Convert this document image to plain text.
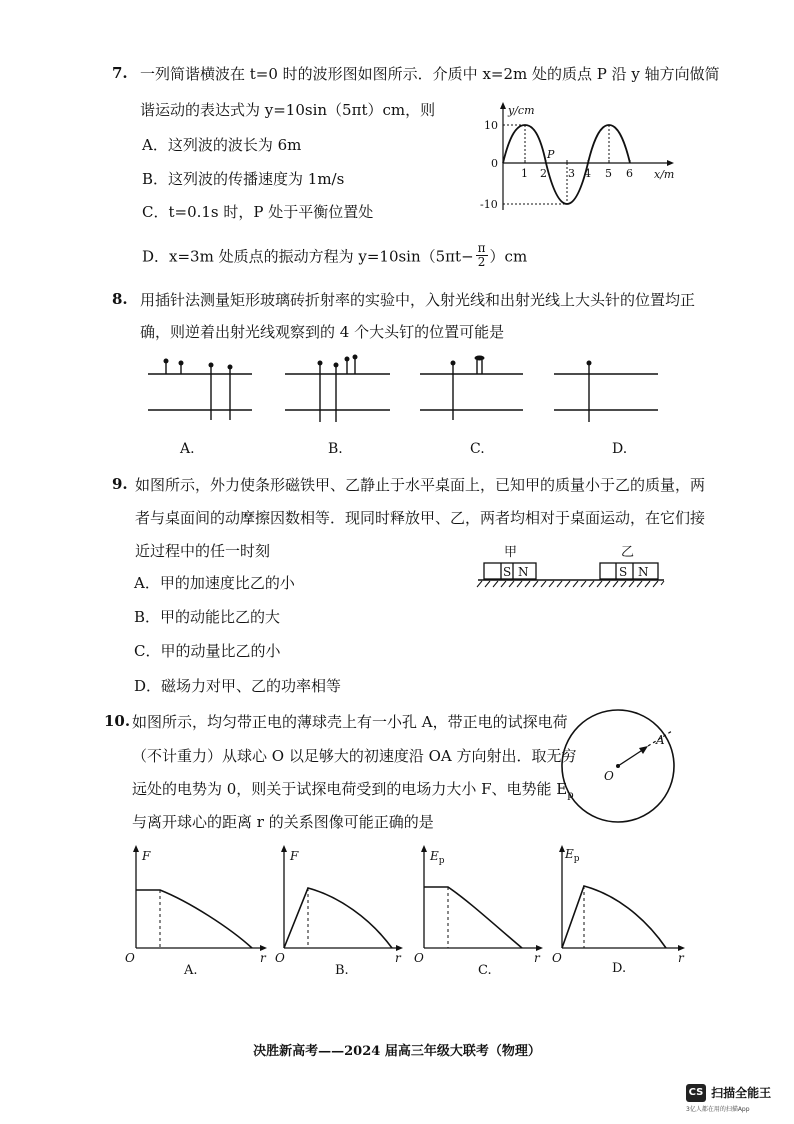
7. 一列简谐横波在 t=0 时的波形图如图所示．介质中 x=2m 处的质点 P 沿 y 轴方向做简
谐运动的表达式为 y=10sin（5πt）cm，则
A．这列波的波长为 6m
B．这列波的传播速度为 1m/s
C．t=0.1s 时，P 处于平衡位置处
D．x=3m 处质点的振动方程为 $y=10\sin(5\pi t- \frac{\pi}{2} )cm$
y/cm
x/m
10
0
-10
1 2 3 4 5 6
P
8. 用插针法测量矩形玻璃砖折射率的实验中，入射光线和出射光线上大头针的位置均正
确，则逆着出射光线观察到的 4 个大头钉的位置可能是
A.	B.	C.	D.
9. 如图所示，外力使条形磁铁甲、乙静止于水平桌面上，已知甲的质量小于乙的质量，两
者与桌面间的动摩擦因数相等．现同时释放甲、乙，两者均相对于桌面运动，在它们接
近过程中的任一时刻
A．甲的加速度比乙的小
B．甲的动能比乙的大
C．甲的动量比乙的小
D．磁场力对甲、乙的功率相等
甲	乙
S N	S N
10. 如图所示，均匀带正电的薄球壳上有一小孔 A，带正电的试探电荷
（不计重力）从球心 O 以足够大的初速度沿 OA 方向射出．取无穷
远处的电势为 0，则关于试探电荷受到的电场力大小 F、电势能 $E_p$
与离开球心的距离 r 的关系图像可能正确的是
O
A
F
O	r
A.
F
O	r
B.
$E_p$
O	r
C.
$E_p$
O	r
D.
决胜新高考——2024 届高三年级大联考（物理）
CS 扫描全能王
3亿人都在用的扫描App
